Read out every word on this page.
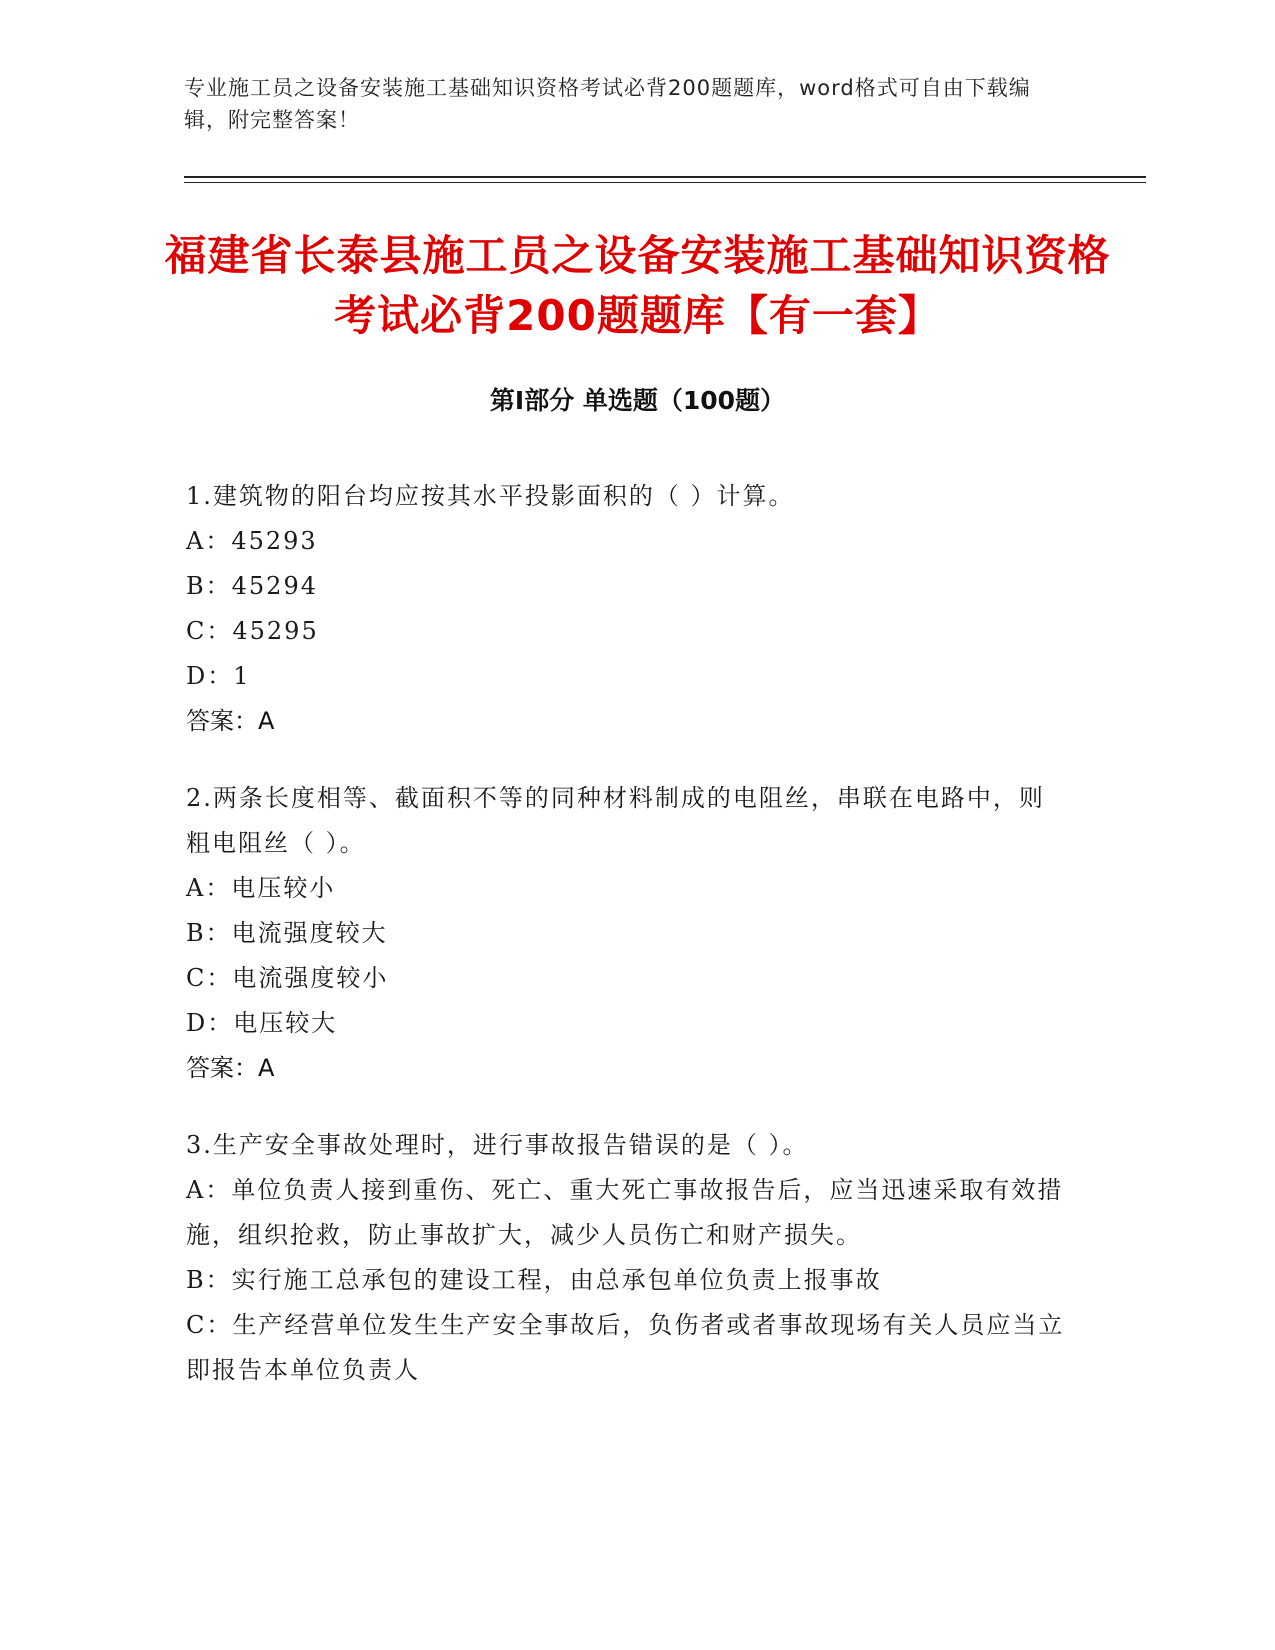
专业施工员之设备安装施工基础知识资格考试必背200题题库，word格式可自由下载编辑，附完整答案！
福建省长泰县施工员之设备安装施工基础知识资格考试必背200题题库【有一套】
第Ⅰ部分 单选题（100题）
1.建筑物的阳台均应按其水平投影面积的（ ）计算。
A：45293
B：45294
C：45295
D：1
答案：A
2.两条长度相等、截面积不等的同种材料制成的电阻丝，串联在电路中，则粗电阻丝（ ）。
A：电压较小
B：电流强度较大
C：电流强度较小
D：电压较大
答案：A
3.生产安全事故处理时，进行事故报告错误的是（ ）。
A：单位负责人接到重伤、死亡、重大死亡事故报告后，应当迅速采取有效措施，组织抢救，防止事故扩大，减少人员伤亡和财产损失。
B：实行施工总承包的建设工程，由总承包单位负责上报事故
C：生产经营单位发生生产安全事故后，负伤者或者事故现场有关人员应当立即报告本单位负责人
